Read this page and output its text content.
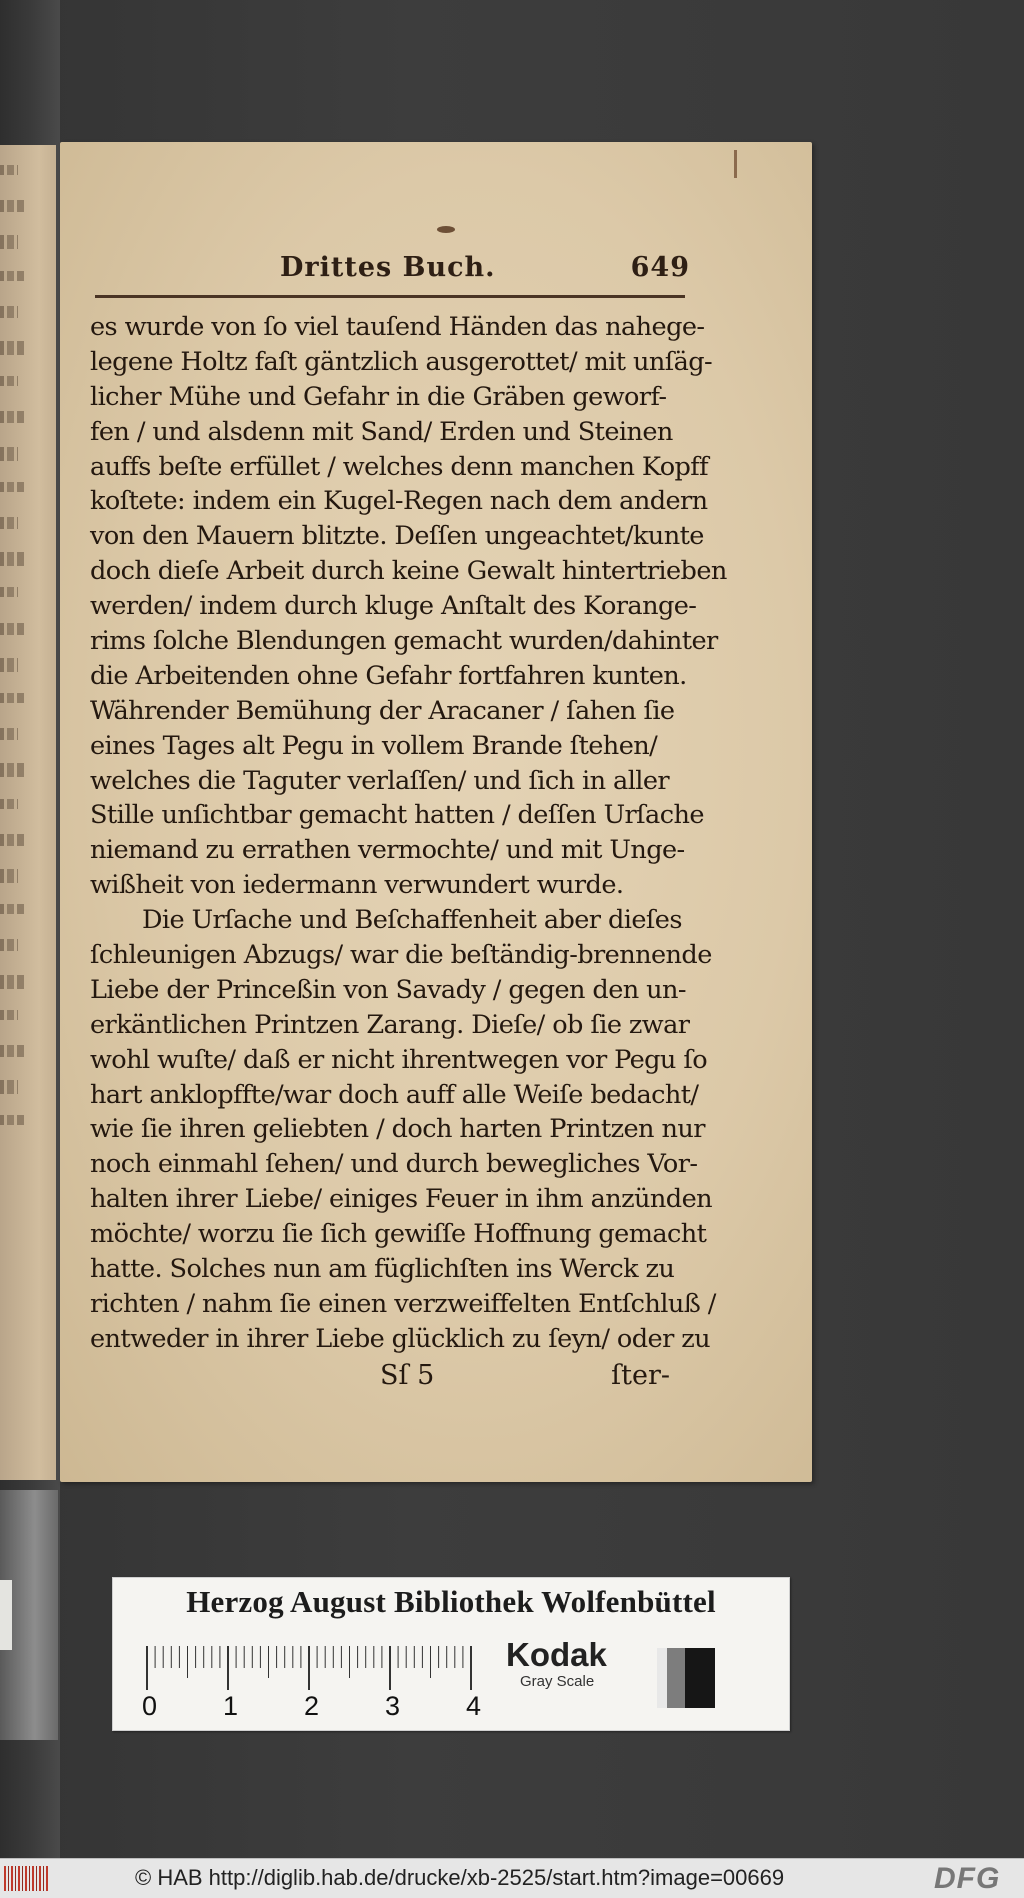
Drittes Buch.	649
es wurde von ſo viel tauſend Händen das nahege-
legene Holtz faſt gäntzlich ausgerottet/ mit unſäg-
licher Mühe und Gefahr in die Gräben geworf-
fen / und alsdenn mit Sand/ Erden und Steinen
auffs beſte erfüllet / welches denn manchen Kopff
koſtete: indem ein Kugel-Regen nach dem andern
von den Mauern blitzte. Deſſen ungeachtet/kunte
doch dieſe Arbeit durch keine Gewalt hintertrieben
werden/ indem durch kluge Anſtalt des Korange-
rims ſolche Blendungen gemacht wurden/dahinter
die Arbeitenden ohne Gefahr fortfahren kunten.
Währender Bemühung der Aracaner / ſahen ſie
eines Tages alt Pegu in vollem Brande ſtehen/
welches die Taguter verlaſſen/ und ſich in aller
Stille unſichtbar gemacht hatten / deſſen Urſache
niemand zu errathen vermochte/ und mit Unge-
wißheit von iedermann verwundert wurde.
Die Urſache und Beſchaffenheit aber dieſes
ſchleunigen Abzugs/ war die beſtändig-brennende
Liebe der Princeßin von Savady / gegen den un-
erkäntlichen Printzen Zarang. Dieſe/ ob ſie zwar
wohl wuſte/ daß er nicht ihrentwegen vor Pegu ſo
hart anklopffte/war doch auff alle Weiſe bedacht/
wie ſie ihren geliebten / doch harten Printzen nur
noch einmahl ſehen/ und durch bewegliches Vor-
halten ihrer Liebe/ einiges Feuer in ihm anzünden
möchte/ worzu ſie ſich gewiſſe Hoffnung gemacht
hatte. Solches nun am füglichſten ins Werck zu
richten / nahm ſie einen verzweiffelten Entſchluß /
entweder in ihrer Liebe glücklich zu ſeyn/ oder zu
Sſ 5	ſter-
Herzog August Bibliothek Wolfenbüttel
0 1 2 3 4
Kodak
Gray Scale
© HAB http://diglib.hab.de/drucke/xb-2525/start.htm?image=00669	DFG
